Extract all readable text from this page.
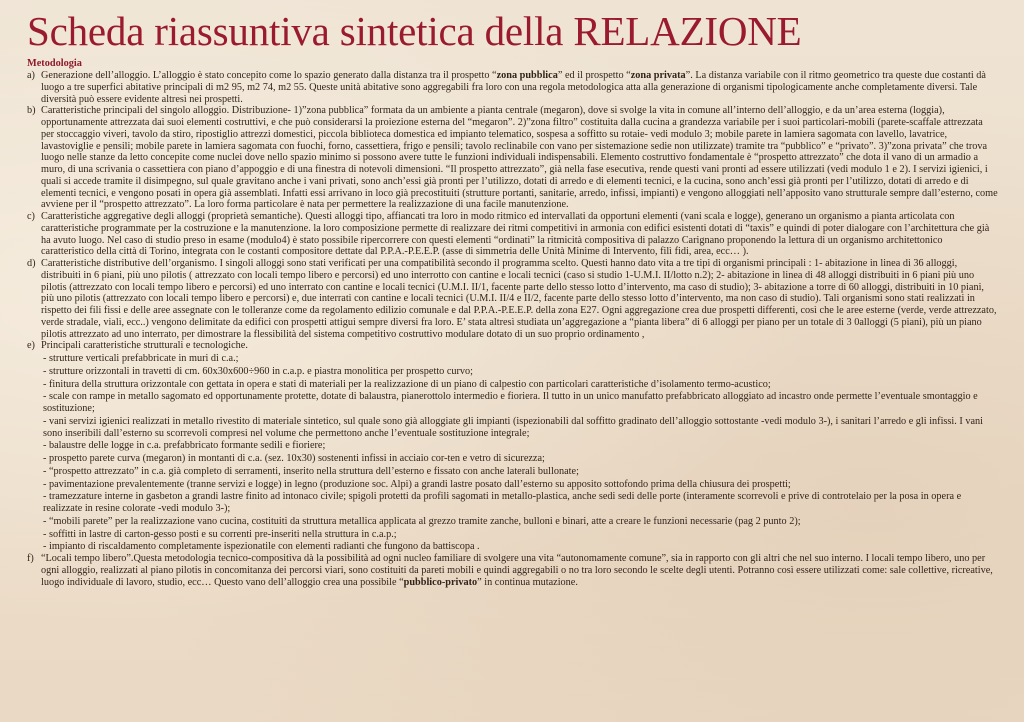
Scheda riassuntiva sintetica della RELAZIONE
Metodologia
a) Generazione dell’alloggio. L’alloggio è stato concepito come lo spazio generato dalla distanza tra il prospetto “zona pubblica” ed il prospetto “zona privata”. La distanza variabile con il ritmo geometrico tra queste due costanti dà luogo a tre superfici abitative principali di m2 95, m2 74, m2 55. Queste unità abitative sono aggregabili fra loro con una regola metodologica atta alla generazione di organismi tipologicamente anche completamente diversi. Tale diversità può essere evidente altresì nei prospetti.
b) Caratteristiche principali del singolo alloggio. Distribuzione- 1)”zona pubblica” formata da un ambiente a pianta centrale (megaron), dove si svolge la vita in comune all’interno dell’alloggio, e da un’area esterna (loggia), opportunamente attrezzata dai suoi elementi costruttivi, e che può considerarsi la proiezione esterna del “megaron”. 2)”zona filtro” costituita dalla cucina a grandezza variabile per i suoi particolari-mobili (parete-scaffale attrezzata per stoccaggio viveri, tavolo da stiro, ripostiglio attrezzi domestici, piccola biblioteca domestica ed impianto telematico, sospesa a soffitto su rotaie- vedi modulo 3; mobile parete in lamiera sagomata con lavello, lavatrice, lavastoviglie e pensili; mobile parete in lamiera sagomata con fuochi, forno, cassettiera, frigo e pensili; tavolo reclinabile con vano per sistemazione sedie non utilizzate) tramite tra “pubblico” e “privato”. 3)”zona privata” che trova luogo nelle stanze da letto concepite come nuclei dove nello spazio minimo si possono avere tutte le funzioni individuali indispensabili. Elemento costruttivo fondamentale è “prospetto attrezzato” che dota il vano di un armadio a muro, di una scrivania o cassettiera con piano d’appoggio e di una finestra di notevoli dimensioni. “Il prospetto attrezzato”, già nella fase esecutiva, rende questi vani pronti ad essere utilizzati (vedi modulo 1 e 2). I servizi igienici, i quali si accede tramite il disimpegno, sul quale gravitano anche i vani privati, sono anch’essi già pronti per l’utilizzo, dotati di arredo e di elementi tecnici, e la cucina, sono anch’essi già pronti per l’utilizzo, dotati di arredo e di elementi tecnici, e vengono posati in opera già assemblati. Infatti essi arrivano in loco già precostituiti (strutture portanti, sanitarie, arredo, infissi, impianti) e vengono alloggiati nell’apposito vano strutturale sempre dall’esterno, come avviene per il “prospetto attrezzato”. La loro forma particolare è nata per permettere la realizzazione di una facile manutenzione.
c) Caratteristiche aggregative degli alloggi (proprietà semantiche). Questi alloggi tipo, affiancati tra loro in modo ritmico ed intervallati da opportuni elementi (vani scala e logge), generano un organismo a pianta articolata con caratteristiche programmate per la costruzione e la manutenzione. la loro composizione permette di realizzare dei ritmi competitivi in armonia con edifici esistenti dotati di “taxis” e quindi di poter dialogare con l’architettura che già ha avuto luogo. Nel caso di studio preso in esame (modulo4) è stato possibile ripercorrere con questi elementi “ordinati” la ritmicità compositiva di palazzo Carignano proponendo la lettura di un organismo architettonico caratteristico della città di Torino, integrata con le costanti compositore dettate dal P.P.A.-P.E.E.P. (asse di simmetria delle Unità Minime di Intervento, filì fidi, area, ecc… ).
d) Caratteristiche distributive dell’organismo. I singoli alloggi sono stati verificati per una compatibilità secondo il programma scelto. Questi hanno dato vita a tre tipi di organismi principali : 1- abitazione in linea di 36 alloggi, distribuiti in 6 piani, più uno pilotis ( attrezzato con locali tempo libero e percorsi) ed uno interrotto con cantine e locali tecnici (caso si studio 1-U.M.I. II/lotto n.2); 2- abitazione in linea di 48 alloggi distribuiti in 6 piani più uno pilotis (attrezzato con locali tempo libero e percorsi) ed uno interrato con cantine e locali tecnici (U.M.I. II/1, facente parte dello stesso lotto d’intervento, ma caso di studio); 3- abitazione a torre di 60 alloggi, distribuiti in 10 piani, più uno pilotis (attrezzato con locali tempo libero e percorsi) e, due interrati con cantine e locali tecnici (U.M.I. II/4 e II/2, facente parte dello stesso lotto d’intervento, ma non caso di studio). Tali organismi sono stati realizzati in rispetto dei fili fissi e delle aree assegnate con le tolleranze come da regolamento edilizio comunale e dal P.P.A.-P.E.E.P. della zona E27. Ogni aggregazione crea due prospetti differenti, così che le aree esterne (verde, verde attrezzato, verde stradale, viali, ecc..) vengono delimitate da edifici con prospetti attigui sempre diversi fra loro. E’ stata altresì studiata un’aggregazione a “pianta libera” di 6 alloggi per piano per un totale di 3 0alloggi (5 piani), più un piano pilotis attrezzato ad uno interrato, per dimostrare la flessibilità del sistema competitivo costruttivo modulare dotato di un suo proprio ordinamento ,
e) Principali caratteristiche strutturali e tecnologiche.
- strutture verticali prefabbricate in muri di c.a.;
- strutture orizzontali in travetti di cm. 60x30x600÷960 in c.a.p. e piastra monolitica per prospetto curvo;
- finitura della struttura orizzontale con gettata in opera e stati di materiali per la realizzazione di un piano di calpestio con particolari caratteristiche d’isolamento termo-acustico;
- scale con rampe in metallo sagomato ed opportunamente protette, dotate di balaustra, pianerottolo intermedio e fioriera. Il tutto in un unico manufatto prefabbricato alloggiato ad incastro onde permette l’eventuale smontaggio e sostituzione;
- vani servizi igienici realizzati in metallo rivestito di materiale sintetico, sul quale sono già alloggiate gli impianti (ispezionabili dal soffitto gradinato dell’alloggio sottostante -vedi modulo 3-), i sanitari l’arredo e gli infissi. I vani sono inseribili dall’esterno su scorrevoli compresi nel volume che permettono anche l’eventuale sostituzione integrale;
- balaustre delle logge in c.a. prefabbricato formante sedili e fioriere;
- prospetto parete curva (megaron) in montanti di c.a. (sez. 10x30) sostenenti infissi in acciaio cor-ten e vetro di sicurezza;
- “prospetto attrezzato” in c.a. già completo di serramenti, inserito nella struttura dell’esterno e fissato con anche laterali bullonate;
- pavimentazione prevalentemente (tranne servizi e logge) in legno (produzione soc. Alpi) a grandi lastre posato dall’esterno su apposito sottofondo prima della chiusura dei prospetti;
- tramezzature interne in gasbeton a grandi lastre finito ad intonaco civile; spigoli protetti da profili sagomati in metallo-plastica, anche sedi sedi delle porte (interamente scorrevoli e prive di controtelaio per la posa in opera e realizzate in resine colorate -vedi modulo 3-);
- “mobili parete” per la realizzazione vano cucina, costituiti da struttura metallica applicata al grezzo tramite zanche, bulloni e binari, atte a creare le funzioni necessarie (pag 2 punto 2);
- soffitti in lastre di carton-gesso posti e su correnti pre-inseriti nella struttura in c.a.p.;
- impianto di riscaldamento completamente ispezionatile con elementi radianti che fungono da battiscopa .
f) “Locali tempo libero”.Questa metodologia tecnico-compositiva dà la possibilità ad ogni nucleo familiare di svolgere una vita “autonomamente comune”, sia in rapporto con gli altri che nel suo interno. I locali tempo libero, uno per ogni alloggio, realizzati al piano pilotis in concomitanza dei percorsi viari, sono costituiti da pareti mobili e quindi aggregabili o no tra loro secondo le scelte degli utenti. Potranno così essere utilizzati come: sale collettive, ricreative, luogo individuale di lavoro, studio, ecc… Questo vano dell’alloggio crea una possibile “pubblico-privato” in continua mutazione.
